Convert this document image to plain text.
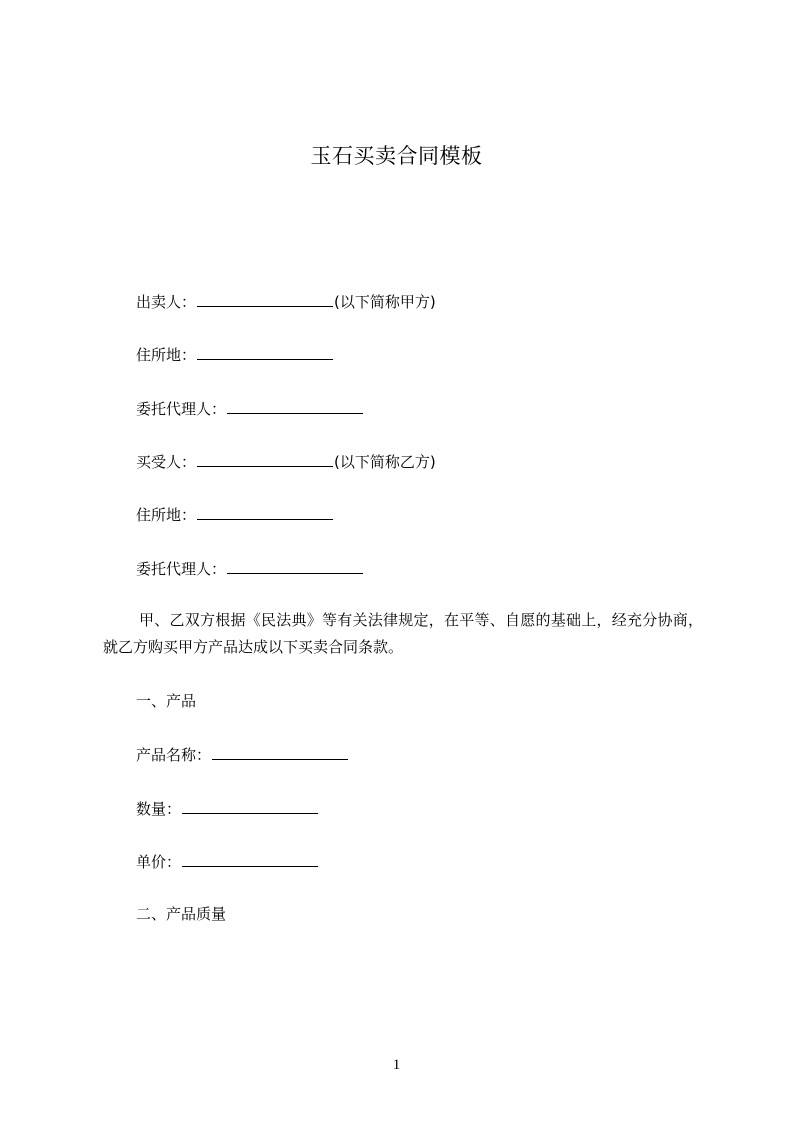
玉石买卖合同模板
出卖人：	(以下简称甲方)
住所地：
委托代理人：
买受人：	(以下简称乙方)
住所地：
委托代理人：
甲、乙双方根据《民法典》等有关法律规定，在平等、自愿的基础上，经充分协商，就乙方购买甲方产品达成以下买卖合同条款。
一、产品
产品名称：
数量：
单价：
二、产品质量
1
